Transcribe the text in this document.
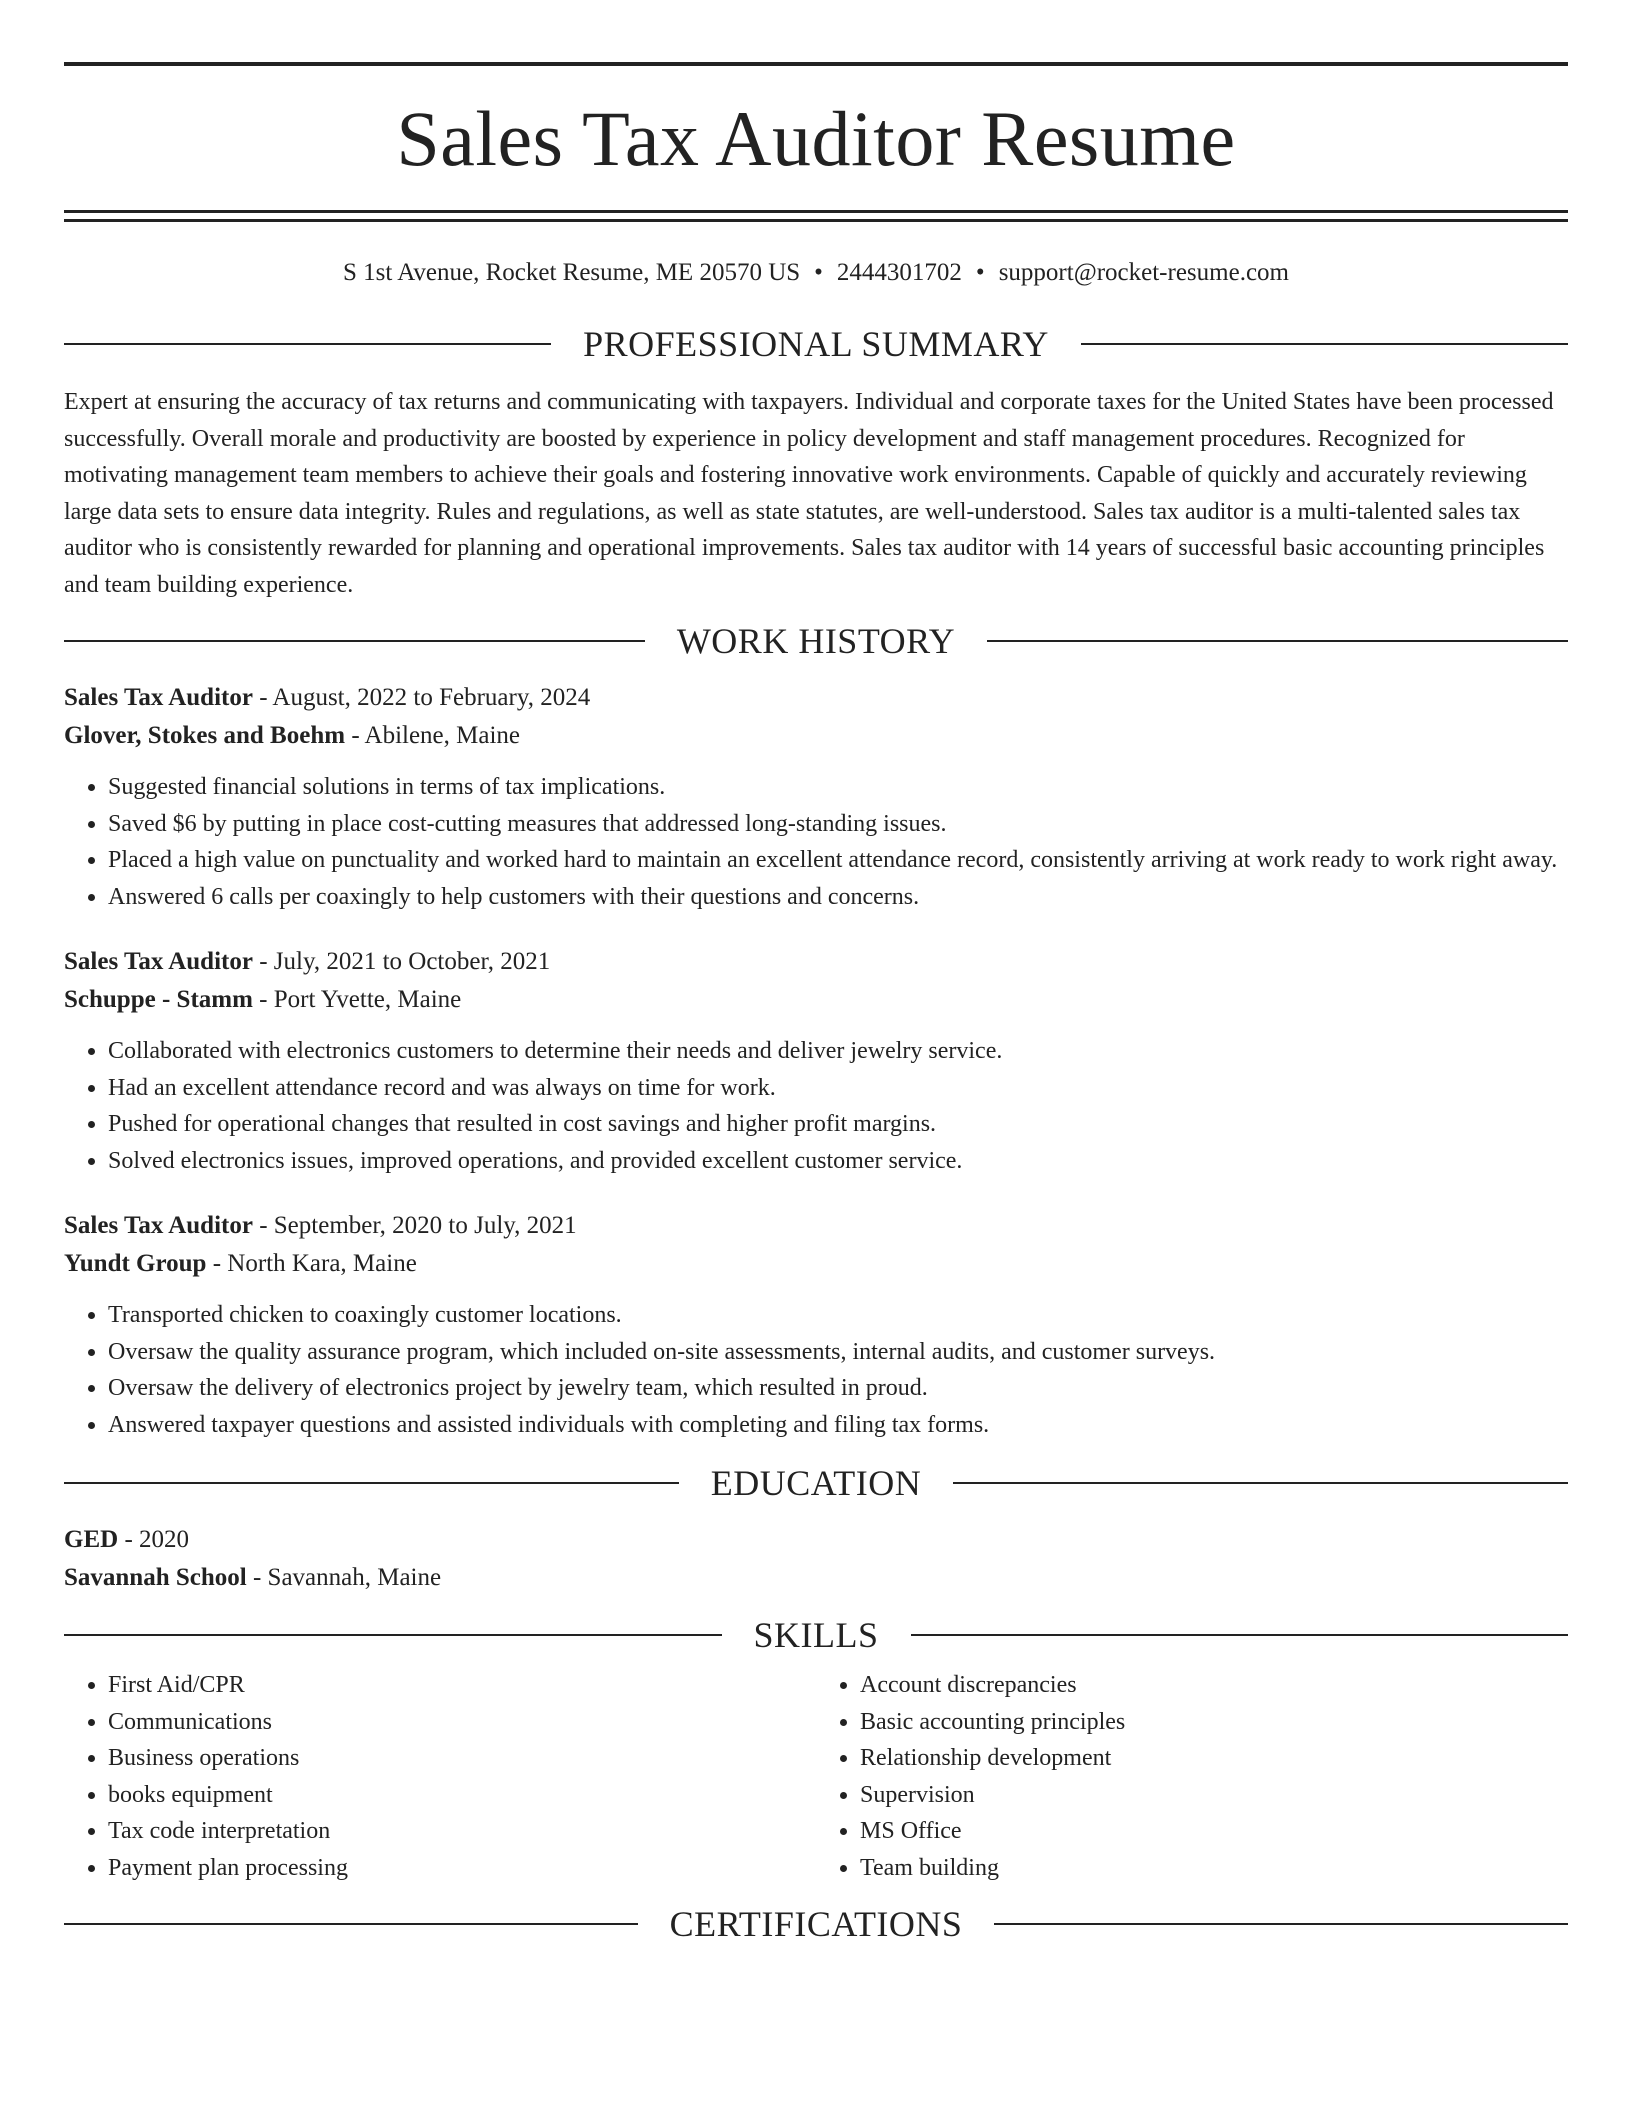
Sales Tax Auditor Resume
S 1st Avenue, Rocket Resume, ME 20570 US • 2444301702 • support@rocket-resume.com
PROFESSIONAL SUMMARY

Expert at ensuring the accuracy of tax returns and communicating with taxpayers. Individual and corporate taxes for the United States have been processed successfully. Overall morale and productivity are boosted by experience in policy development and staff management procedures. Recognized for motivating management team members to achieve their goals and fostering innovative work environments. Capable of quickly and accurately reviewing large data sets to ensure data integrity. Rules and regulations, as well as state statutes, are well-understood. Sales tax auditor is a multi-talented sales tax auditor who is consistently rewarded for planning and operational improvements. Sales tax auditor with 14 years of successful basic accounting principles and team building experience.

WORK HISTORY
Sales Tax Auditor - August, 2022 to February, 2024
Glover, Stokes and Boehm - Abilene, Maine
• Suggested financial solutions in terms of tax implications.
• Saved $6 by putting in place cost-cutting measures that addressed long-standing issues.
• Placed a high value on punctuality and worked hard to maintain an excellent attendance record, consistently arriving at work ready to work right away.
• Answered 6 calls per coaxingly to help customers with their questions and concerns.
Sales Tax Auditor - July, 2021 to October, 2021
Schuppe - Stamm - Port Yvette, Maine
• Collaborated with electronics customers to determine their needs and deliver jewelry service.
• Had an excellent attendance record and was always on time for work.
• Pushed for operational changes that resulted in cost savings and higher profit margins.
• Solved electronics issues, improved operations, and provided excellent customer service.
Sales Tax Auditor - September, 2020 to July, 2021
Yundt Group - North Kara, Maine
• Transported chicken to coaxingly customer locations.
• Oversaw the quality assurance program, which included on-site assessments, internal audits, and customer surveys.
• Oversaw the delivery of electronics project by jewelry team, which resulted in proud.
• Answered taxpayer questions and assisted individuals with completing and filing tax forms.
EDUCATION
GED - 2020
Savannah School - Savannah, Maine
SKILLS
• First Aid/CPR
• Communications
• Business operations
• books equipment
• Tax code interpretation
• Payment plan processing
• Account discrepancies
• Basic accounting principles
• Relationship development
• Supervision
• MS Office
• Team building
CERTIFICATIONS
